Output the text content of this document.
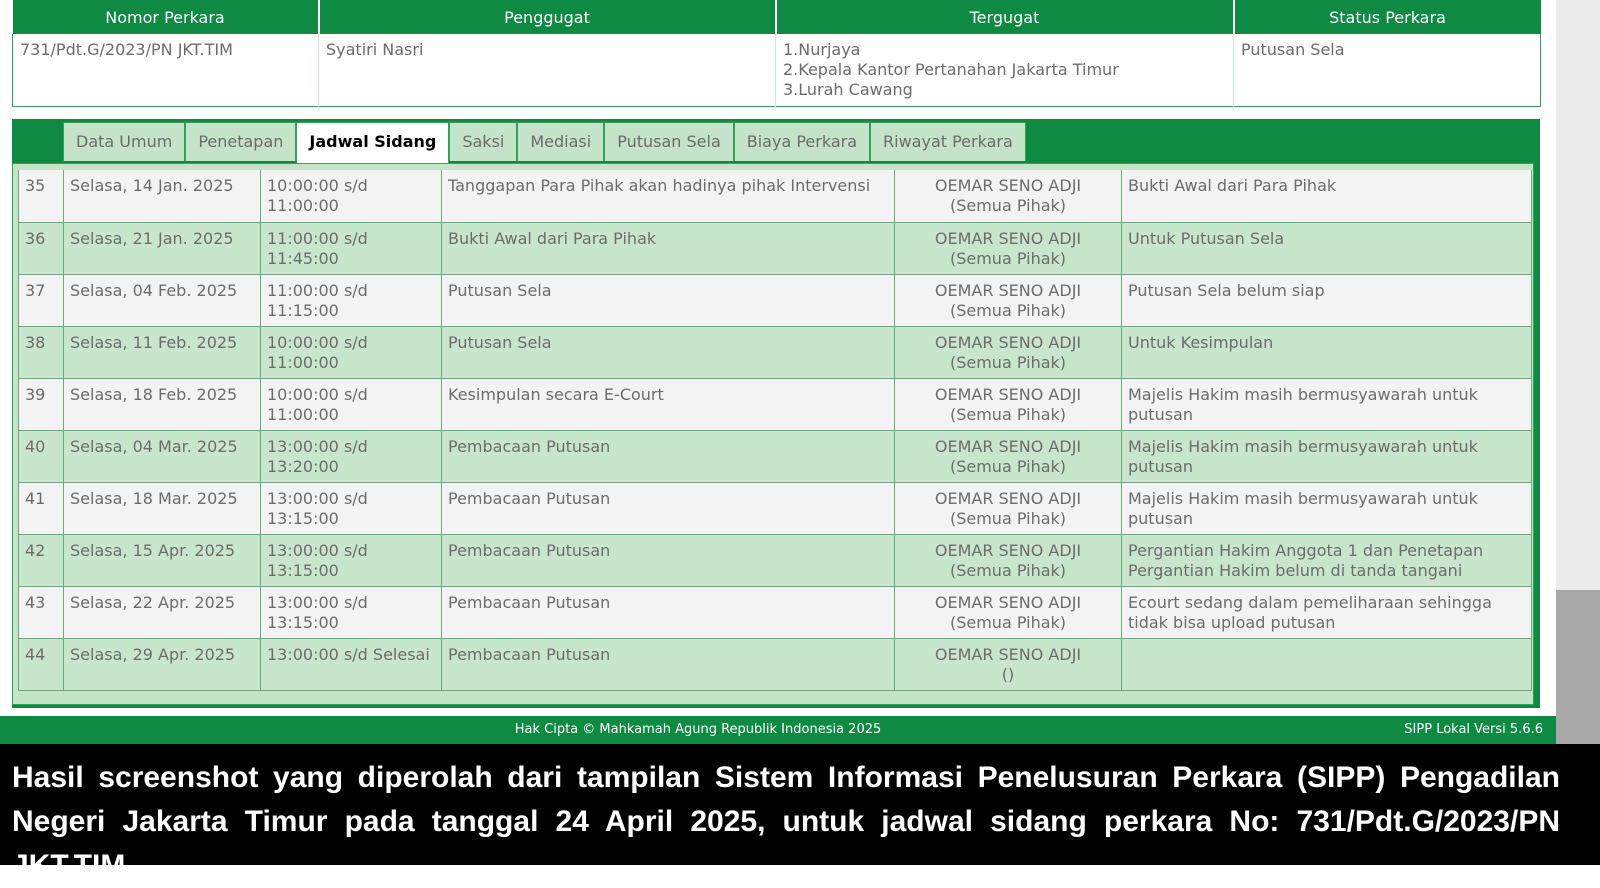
Nomor Perkara	Penggugat	Tergugat	Status Perkara
731/Pdt.G/2023/PN JKT.TIM	Syatiri Nasri	1.Nurjaya
2.Kepala Kantor Pertanahan Jakarta Timur
3.Lurah Cawang	Putusan Sela
Data Umum	Penetapan	Jadwal Sidang	Saksi	Mediasi	Putusan Sela	Biaya Perkara	Riwayat Perkara
35	Selasa, 14 Jan. 2025	10:00:00 s/d 11:00:00	Tanggapan Para Pihak akan hadinya pihak Intervensi	OEMAR SENO ADJI
(Semua Pihak)	Bukti Awal dari Para Pihak
36	Selasa, 21 Jan. 2025	11:00:00 s/d 11:45:00	Bukti Awal dari Para Pihak	OEMAR SENO ADJI
(Semua Pihak)	Untuk Putusan Sela
37	Selasa, 04 Feb. 2025	11:00:00 s/d 11:15:00	Putusan Sela	OEMAR SENO ADJI
(Semua Pihak)	Putusan Sela belum siap
38	Selasa, 11 Feb. 2025	10:00:00 s/d 11:00:00	Putusan Sela	OEMAR SENO ADJI
(Semua Pihak)	Untuk Kesimpulan
39	Selasa, 18 Feb. 2025	10:00:00 s/d 11:00:00	Kesimpulan secara E-Court	OEMAR SENO ADJI
(Semua Pihak)	Majelis Hakim masih bermusyawarah untuk putusan
40	Selasa, 04 Mar. 2025	13:00:00 s/d 13:20:00	Pembacaan Putusan	OEMAR SENO ADJI
(Semua Pihak)	Majelis Hakim masih bermusyawarah untuk putusan
41	Selasa, 18 Mar. 2025	13:00:00 s/d 13:15:00	Pembacaan Putusan	OEMAR SENO ADJI
(Semua Pihak)	Majelis Hakim masih bermusyawarah untuk putusan
42	Selasa, 15 Apr. 2025	13:00:00 s/d 13:15:00	Pembacaan Putusan	OEMAR SENO ADJI
(Semua Pihak)	Pergantian Hakim Anggota 1 dan Penetapan Pergantian Hakim belum di tanda tangani
43	Selasa, 22 Apr. 2025	13:00:00 s/d 13:15:00	Pembacaan Putusan	OEMAR SENO ADJI
(Semua Pihak)	Ecourt sedang dalam pemeliharaan sehingga tidak bisa upload putusan
44	Selasa, 29 Apr. 2025	13:00:00 s/d Selesai	Pembacaan Putusan	OEMAR SENO ADJI
()	

Hak Cipta © Mahkamah Agung Republik Indonesia 2025	SIPP Lokal Versi 5.6.6
Hasil screenshot yang diperolah dari tampilan Sistem Informasi Penelusuran Perkara (SIPP) Pengadilan Negeri Jakarta Timur pada tanggal 24 April 2025, untuk jadwal sidang perkara No: 731/Pdt.G/2023/PN JKT.TIM.
